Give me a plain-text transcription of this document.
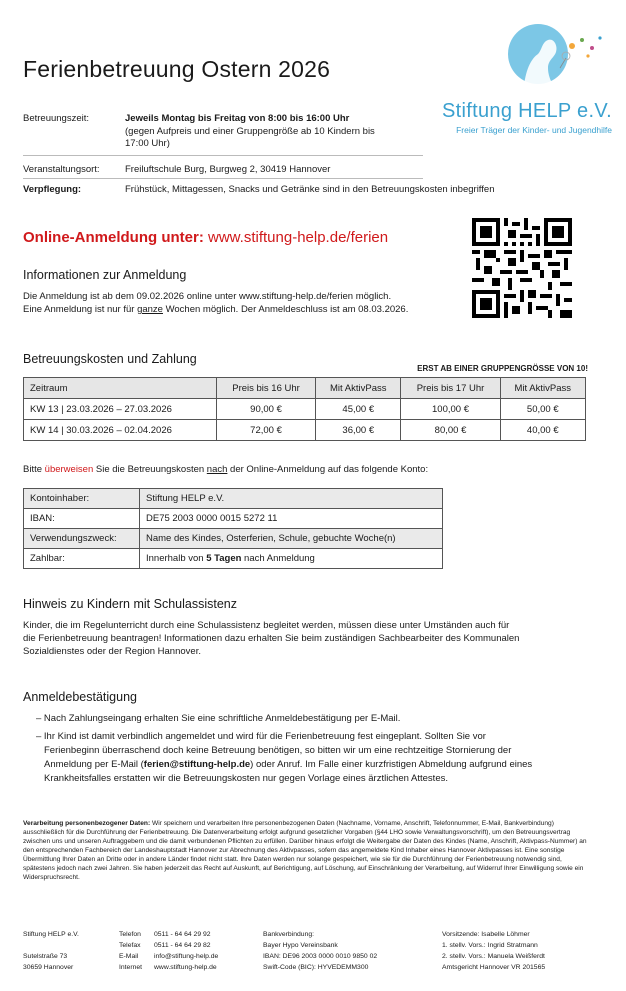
Ferienbetreuung Ostern 2026
Stiftung HELP e.V.
Freier Träger der Kinder- und Jugendhilfe
Betreuungszeit:	Jeweils Montag bis Freitag von 8:00 bis 16:00 Uhr
(gegen Aufpreis und einer Gruppengröße ab 10 Kindern bis
17:00 Uhr)
Veranstaltungsort:	Freiluftschule Burg, Burgweg 2, 30419 Hannover
Verpflegung:	Frühstück, Mittagessen, Snacks und Getränke sind in den Betreuungskosten inbegriffen
Online-Anmeldung unter: www.stiftung-help.de/ferien
Informationen zur Anmeldung
Die Anmeldung ist ab dem 09.02.2026 online unter www.stiftung-help.de/ferien möglich.
Eine Anmeldung ist nur für ganze Wochen möglich. Der Anmeldeschluss ist am 08.03.2026.
Betreuungskosten und Zahlung
ERST AB EINER GRUPPENGRÖSSE VON 10!
Zeitraum	Preis bis 16 Uhr	Mit AktivPass	Preis bis 17 Uhr	Mit AktivPass
KW 13 | 23.03.2026 – 27.03.2026	90,00 €	45,00 €	100,00 €	50,00 €
KW 14 | 30.03.2026 – 02.04.2026	72,00 €	36,00 €	80,00 €	40,00 €
Bitte überweisen Sie die Betreuungskosten nach der Online-Anmeldung auf das folgende Konto:
Kontoinhaber:	Stiftung HELP e.V.
IBAN:	DE75 2003 0000 0015 5272 11
Verwendungszweck:	Name des Kindes, Osterferien, Schule, gebuchte Woche(n)
Zahlbar:	Innerhalb von 5 Tagen nach Anmeldung
Hinweis zu Kindern mit Schulassistenz
Kinder, die im Regelunterricht durch eine Schulassistenz begleitet werden, müssen diese unter Umständen auch für
die Ferienbetreuung beantragen! Informationen dazu erhalten Sie beim zuständigen Sachbearbeiter des Kommunalen
Sozialdienstes oder der Region Hannover.
Anmeldebestätigung
– Nach Zahlungseingang erhalten Sie eine schriftliche Anmeldebestätigung per E-Mail.
– Ihr Kind ist damit verbindlich angemeldet und wird für die Ferienbetreuung fest eingeplant. Sollten Sie vor
Ferienbeginn überraschend doch keine Betreuung benötigen, so bitten wir um eine rechtzeitige Stornierung der
Anmeldung per E-Mail (ferien@stiftung-help.de) oder Anruf. Im Falle einer kurzfristigen Abmeldung aufgrund eines
Krankheitsfalles erstatten wir die Betreuungskosten nur gegen Vorlage eines ärztlichen Attestes.
Verarbeitung personenbezogener Daten: Wir speichern und verarbeiten Ihre personenbezogenen Daten (Nachname, Vorname, Anschrift, Telefonnummer, E-Mail, Bankverbindung) ausschließlich für die Durchführung der Ferienbetreuung. Die Datenverarbeitung erfolgt aufgrund gesetzlicher Vorgaben (§44 LHO sowie Verwaltungsvorschrift), um den Betreuungsvertrag zwischen uns und unseren Auftraggebern und die damit verbundenen Pflichten zu erfüllen. Darüber hinaus erfolgt die Weitergabe der Daten des Kindes (Name, Anschrift, Aktivpass-Nummer) an den entsprechenden Fachbereich der Landeshauptstadt Hannover zur Abrechnung des Aktivpasses, sofern das angemeldete Kind Inhaber eines Hannover Aktivpasses ist. Eine sonstige Übermittlung Ihrer Daten an Dritte oder in andere Länder findet nicht statt. Ihre Daten werden nur solange gespeichert, wie sie für die Durchführung der Ferienbetreuung notwendig sind, spätestens jedoch nach zwei Jahren. Sie haben jederzeit das Recht auf Auskunft, auf Berichtigung, auf Löschung, auf Einschränkung der Verarbeitung, auf Widerruf Ihrer Einwilligung sowie ein Widerspruchsrecht.
Stiftung HELP e.V.

Sutelstraße 73
30659 Hannover
Telefon
Telefax
E-Mail
Internet
0511 - 64 64 29 92
0511 - 64 64 29 82
info@stiftung-help.de
www.stiftung-help.de
Bankverbindung:
Bayer Hypo Vereinsbank
IBAN: DE96 2003 0000 0010 9850 02
Swift-Code (BIC): HYVEDEMM300
Vorsitzende: Isabelle Löhmer
1. stellv. Vors.: Ingrid Stratmann
2. stellv. Vors.: Manuela Weißferdt
Amtsgericht Hannover VR 201565
